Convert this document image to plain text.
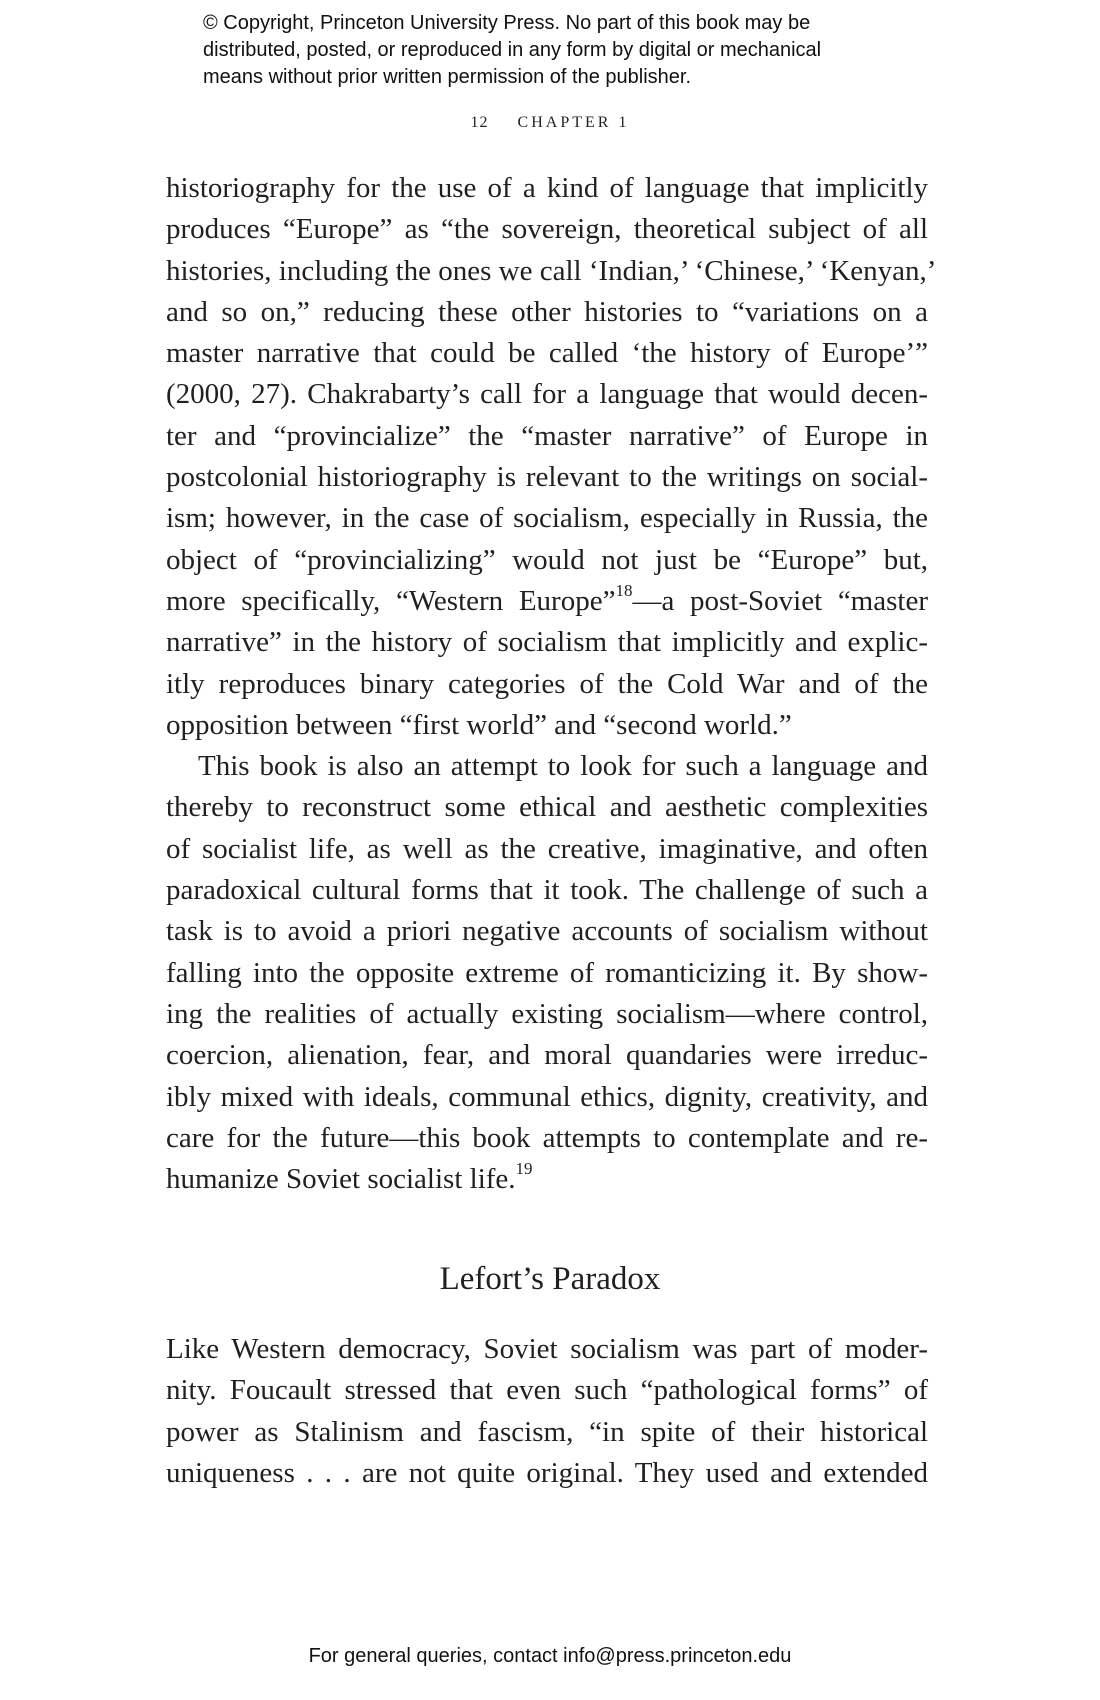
© Copyright, Princeton University Press. No part of this book may be
distributed, posted, or reproduced in any form by digital or mechanical
means without prior written permission of the publisher.
12 CHAPTER 1
historiography for the use of a kind of language that implicitly
produces “Europe” as “the sovereign, theoretical subject of all
histories, including the ones we call ‘Indian,’ ‘Chinese,’ ‘Kenyan,’
and so on,” reducing these other histories to “variations on a
master narrative that could be called ‘the history of Europe’”
(2000, 27). Chakrabarty’s call for a language that would decen-
ter and “provincialize” the “master narrative” of Europe in
postcolonial historiography is relevant to the writings on social-
ism; however, in the case of socialism, especially in Russia, the
object of “provincializing” would not just be “Europe” but,
more specifically, “Western Europe”$^{18}$—a post-Soviet “master
narrative” in the history of socialism that implicitly and explic-
itly reproduces binary categories of the Cold War and of the
opposition between “first world” and “second world.”
This book is also an attempt to look for such a language and
thereby to reconstruct some ethical and aesthetic complexities
of socialist life, as well as the creative, imaginative, and often
paradoxical cultural forms that it took. The challenge of such a
task is to avoid a priori negative accounts of socialism without
falling into the opposite extreme of romanticizing it. By show-
ing the realities of actually existing socialism—where control,
coercion, alienation, fear, and moral quandaries were irreduc-
ibly mixed with ideals, communal ethics, dignity, creativity, and
care for the future—this book attempts to contemplate and re-
humanize Soviet socialist life.$^{19}$
Lefort’s Paradox
Like Western democracy, Soviet socialism was part of moder-
nity. Foucault stressed that even such “pathological forms” of
power as Stalinism and fascism, “in spite of their historical
uniqueness . . . are not quite original. They used and extended
For general queries, contact info@press.princeton.edu
